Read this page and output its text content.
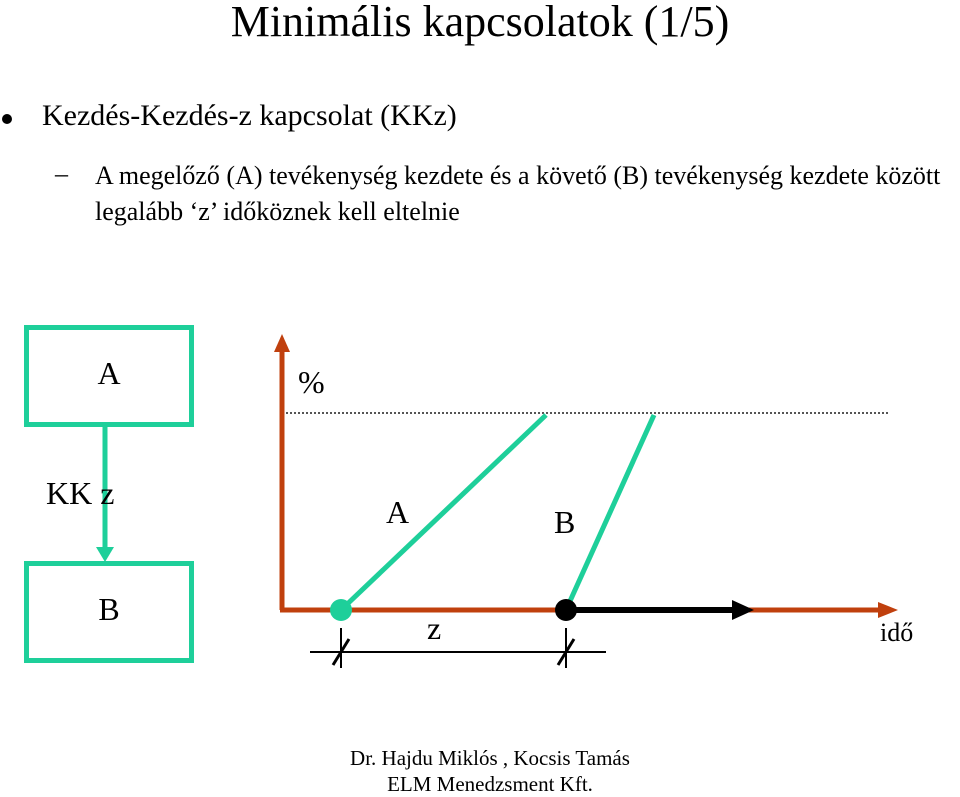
Minimális kapcsolatok (1/5)
Kezdés-Kezdés-z kapcsolat (KKz)
– A megelőző (A) tevékenység kezdete és a követő (B) tevékenység kezdete között legalább ‘z’ időköznek kell eltelnie
A
B
KK z
%
A	B
z	idő
Dr. Hajdu Miklós , Kocsis Tamás
ELM Menedzsment Kft.
